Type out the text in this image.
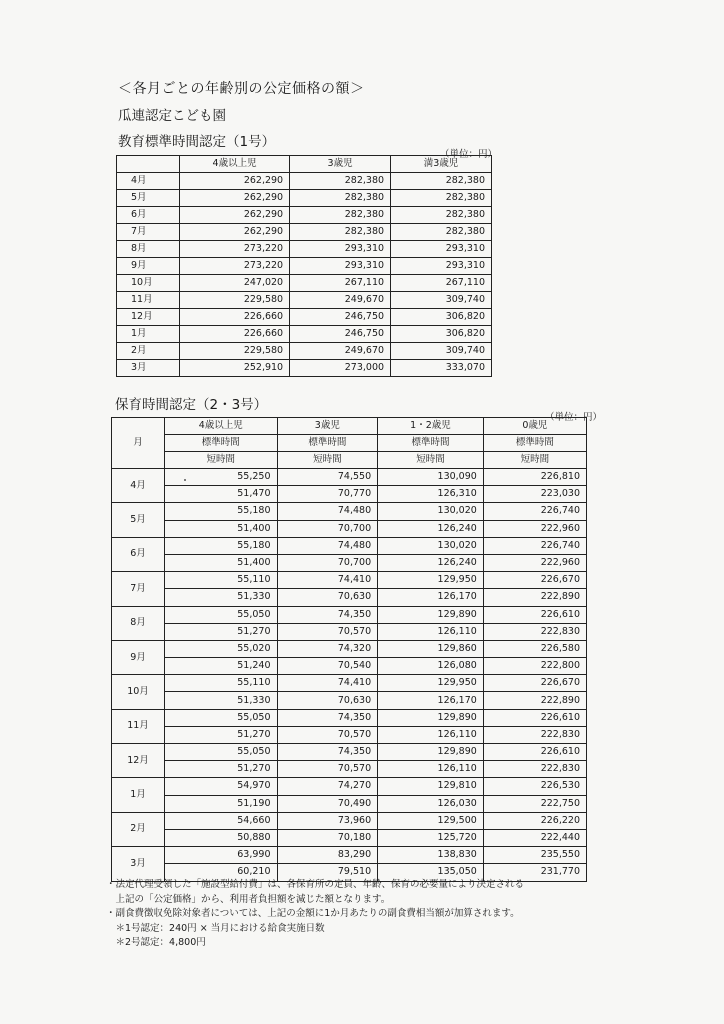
＜各月ごとの年齢別の公定価格の額＞
瓜連認定こども園
教育標準時間認定（1号）
（単位：円）
	4歳以上児	3歳児	満3歳児
4月	262,290	282,380	282,380
5月	262,290	282,380	282,380
6月	262,290	282,380	282,380
7月	262,290	282,380	282,380
8月	273,220	293,310	293,310
9月	273,220	293,310	293,310
10月	247,020	267,110	267,110
11月	229,580	249,670	309,740
12月	226,660	246,750	306,820
1月	226,660	246,750	306,820
2月	229,580	249,670	309,740
3月	252,910	273,000	333,070
保育時間認定（2・3号）
（単位：円）
月	4歳以上児	3歳児	1・2歳児	0歳児
	標準時間	標準時間	標準時間	標準時間
	短時間	短時間	短時間	短時間
4月	55,250	74,550	130,090	226,810
	51,470	70,770	126,310	223,030
5月	55,180	74,480	130,020	226,740
	51,400	70,700	126,240	222,960
6月	55,180	74,480	130,020	226,740
	51,400	70,700	126,240	222,960
7月	55,110	74,410	129,950	226,670
	51,330	70,630	126,170	222,890
8月	55,050	74,350	129,890	226,610
	51,270	70,570	126,110	222,830
9月	55,020	74,320	129,860	226,580
	51,240	70,540	126,080	222,800
10月	55,110	74,410	129,950	226,670
	51,330	70,630	126,170	222,890
11月	55,050	74,350	129,890	226,610
	51,270	70,570	126,110	222,830
12月	55,050	74,350	129,890	226,610
	51,270	70,570	126,110	222,830
1月	54,970	74,270	129,810	226,530
	51,190	70,490	126,030	222,750
2月	54,660	73,960	129,500	226,220
	50,880	70,180	125,720	222,440
3月	63,990	83,290	138,830	235,550
	60,210	79,510	135,050	231,770
・法定代理受領した「施設型給付費」は、各保育所の定員、年齢、保育の必要量により決定される
　上記の「公定価格」から、利用者負担額を減じた額となります。
・副食費徴収免除対象者については、上記の金額に1か月あたりの副食費相当額が加算されます。
　＊1号認定：240円 × 当月における給食実施日数
　＊2号認定：4,800円
